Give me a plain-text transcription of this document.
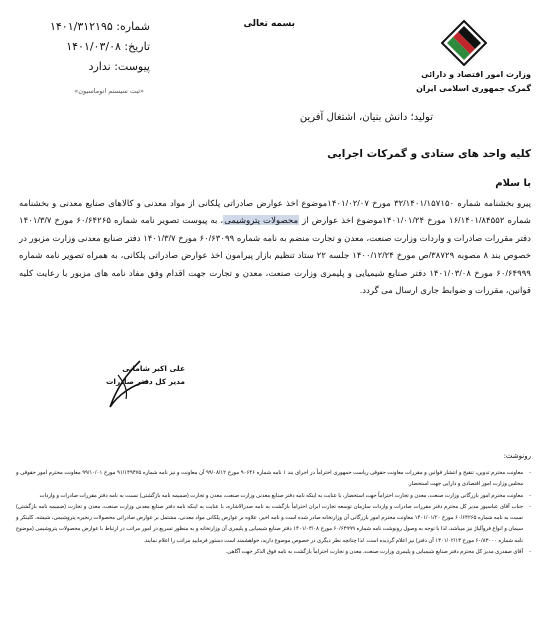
وزارت امور اقتصاد و دارائی
گمرک جمهوری اسلامی ایران
بسمه تعالی
شماره: ۱۴۰۱/۳۱۲۱۹۵
تاریخ: ۱۴۰۱/۰۳/۰۸
پیوست: ندارد
«ثبت سیستم اتوماسیون»
تولید؛ دانش بنیان، اشتغال آفرین
کلیه واحد های ستادی و گمرکات اجرایی
با سلام
پیرو بخشنامه شماره ۳۲/۱۴۰۱/۱۵۷۱۵۰ مورخ ۱۴۰۱/۰۲/۰۷موضوع اخذ عوارض صادراتی پلکانی از مواد معدنی و کالاهای صنایع معدنی و بخشنامه شماره ۱۶/۱۴۰۱/۸۴۵۵۲ مورخ ۱۴۰۱/۰۱/۲۴موضوع اخذ عوارض از محصولات پتروشیمی، به پیوست تصویر نامه شماره ۶۰/۶۴۲۶۵ مورخ ۱۴۰۱/۳/۷ دفتر مقررات صادرات و واردات وزارت صنعت، معدن و تجارت منضم به نامه شماره ۶۰/۶۳۰۹۹ مورخ ۱۴۰۱/۳/۷ دفتر صنایع معدنی وزارت مزبور در خصوص بند ۸ مصوبه ۳۸۷۲۹/ص مورخ ۱۴۰۰/۱۲/۲۴ جلسه ۲۲ ستاد تنظیم بازار پیرامون اخذ عوارض صادراتی پلکانی، به همراه تصویر نامه شماره ۶۰/۶۴۹۹۹ مورخ ۱۴۰۱/۰۳/۰۸ دفتر صنایع شیمیایی و پلیمری وزارت صنعت، معدن و تجارت جهت اقدام وفق مفاد نامه های مزبور با رعایت کلیه قوانین، مقررات و ضوابط جاری ارسال می گردد.
علی اکبر شامانی
مدیر کل دفتر صادرات
رونوشت:
- معاونت محترم تدوین، تنقیح و انتشار قوانین و مقررات معاونت حقوقی ریاست جمهوری احتراماً در اجرای بند ۱ نامه شماره ۹۰۶۴۶ مورخ ۹۹/۰۸/۱۲ آن معاونت و نیز نامه شماره ۹۱/۱۴۹۴۷۵ مورخ ۹۹/۱۰/۰۱ معاونت محترم امور حقوقی و مجلس وزارت امور اقتصادی و دارایی جهت استحضار.
- معاونت محترم امور بازرگانی وزارت صنعت، معدن و تجارت احتراماً جهت استحضار، با عنایت به اینکه نامه دفتر صنایع معدنی وزارت صنعت، معدن و تجارت (ضمیمه نامه بازگشتی) نسبت به نامه دفتر مقررات صادرات و واردات
- جناب آقای عباسپور مدیر کل محترم دفتر مقررات صادرات و واردات سازمان توسعه تجارت ایران احتراماً بازگشت به نامه صدرالاشاره، با عنایت به اینکه نامه دفتر صنایع معدنی وزارت صنعت، معدن و تجارت (ضمیمه نامه بازگشتی) نسبت به نامه شماره ۶۰/۶۴۲۶۵ مورخ ۱۴۰۱/۰۱/۲۰ معاونت محترم امور بازرگانی آن وزارتخانه صادر شده است و نامه اخیر، علاوه بر عوارض پلکانی مواد معدنی، مشتمل بر عوارض صادراتی محصولات زنجیره پتروشیمی، شیشه، کلینکر و سیمان و انواع فروآلیاژ نیز میباشد، لذا با توجه به وصول رونوشت نامه شماره ۶۰/۶۴۹۹۹ مورخ ۱۴۰۱/۰۳/۰۸ دفتر صنایع شیمیایی و پلیمری آن وزارتخانه و به منظور تسریع در امور مراتب در ارتباط با عوارض محصولات پتروشیمی (موضوع نامه شماره ۶۰/۸۳۰۰۰ مورخ ۱۴۰۱/۰۲/۱۳ آن دفتر) نیز اعلام گردیده است. لذا چنانچه نظر دیگری در خصوص موضوع دارید، خواهشمند است دستور فرمایید مراتب را اعلام نمایند.
- آقای صفدری مدیر کل محترم دفتر صنایع شیمیایی و پلیمری وزارت صنعت، معدن و تجارت احتراماً بازگشت به نامه فوق الذکر جهت آگاهی.
